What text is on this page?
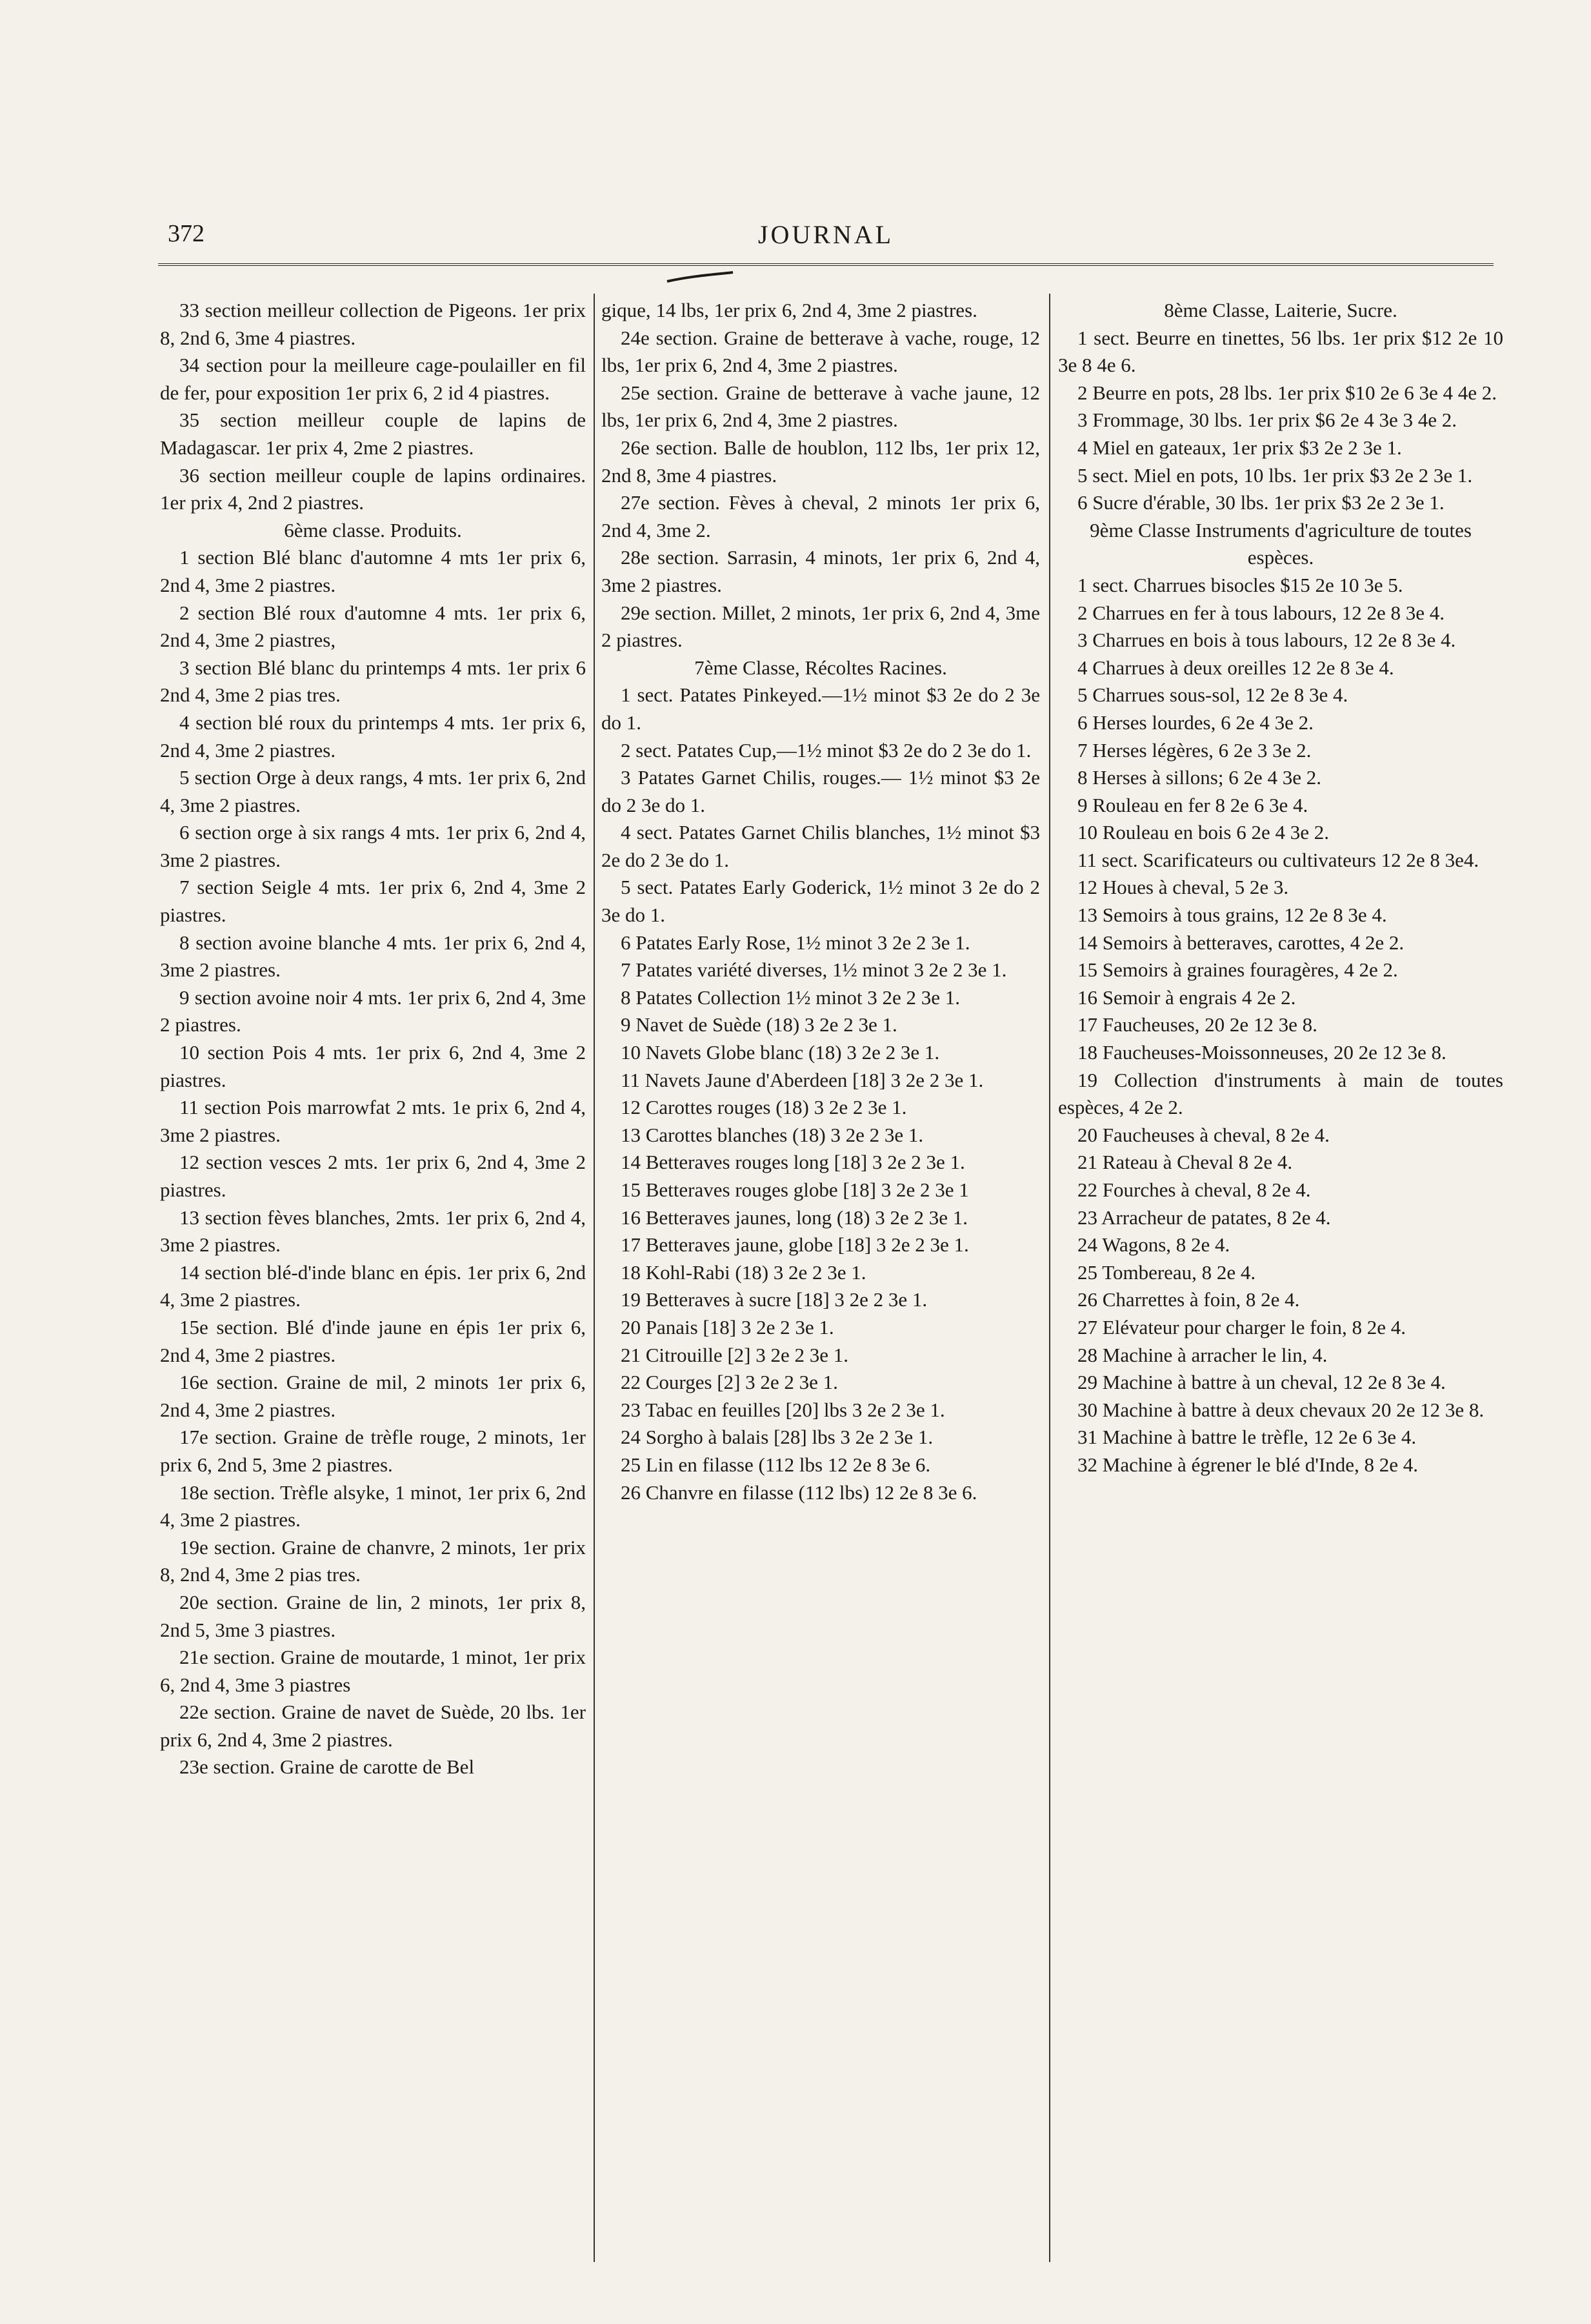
372	JOURNAL

33 section meilleur collection de Pigeons. 1er prix 8, 2nd 6, 3me 4 piastres.

34 section pour la meilleure cage-poulailler en fil de fer, pour exposition 1er prix 6, 2 id 4 piastres.

35 section meilleur couple de lapins de Madagascar. 1er prix 4, 2me 2 piastres.

36 section meilleur couple de lapins ordinaires. 1er prix 4, 2nd 2 piastres.

6ème classe. Produits.

1 section Blé blanc d'automne 4 mts 1er prix 6, 2nd 4, 3me 2 piastres.

2 section Blé roux d'automne 4 mts. 1er prix 6, 2nd 4, 3me 2 piastres,

3 section Blé blanc du printemps 4 mts. 1er prix 6 2nd 4, 3me 2 pias tres.

4 section blé roux du printemps 4 mts. 1er prix 6, 2nd 4, 3me 2 piastres.

5 section Orge à deux rangs, 4 mts. 1er prix 6, 2nd 4, 3me 2 piastres.

6 section orge à six rangs 4 mts. 1er prix 6, 2nd 4, 3me 2 piastres.

7 section Seigle 4 mts. 1er prix 6, 2nd 4, 3me 2 piastres.

8 section avoine blanche 4 mts. 1er prix 6, 2nd 4, 3me 2 piastres.

9 section avoine noir 4 mts. 1er prix 6, 2nd 4, 3me 2 piastres.

10 section Pois 4 mts. 1er prix 6, 2nd 4, 3me 2 piastres.

11 section Pois marrowfat 2 mts. 1e prix 6, 2nd 4, 3me 2 piastres.

12 section vesces 2 mts. 1er prix 6, 2nd 4, 3me 2 piastres.

13 section fèves blanches, 2mts. 1er prix 6, 2nd 4, 3me 2 piastres.

14 section blé-d'inde blanc en épis. 1er prix 6, 2nd 4, 3me 2 piastres.

15e section. Blé d'inde jaune en épis 1er prix 6, 2nd 4, 3me 2 piastres.

16e section. Graine de mil, 2 minots 1er prix 6, 2nd 4, 3me 2 piastres.

17e section. Graine de trèfle rouge, 2 minots, 1er prix 6, 2nd 5, 3me 2 piastres.

18e section. Trèfle alsyke, 1 minot, 1er prix 6, 2nd 4, 3me 2 piastres.

19e section. Graine de chanvre, 2 minots, 1er prix 8, 2nd 4, 3me 2 pias tres.

20e section. Graine de lin, 2 minots, 1er prix 8, 2nd 5, 3me 3 piastres.

21e section. Graine de moutarde, 1 minot, 1er prix 6, 2nd 4, 3me 3 piastres

22e section. Graine de navet de Suède, 20 lbs. 1er prix 6, 2nd 4, 3me 2 piastres.

23e section. Graine de carotte de Bel

gique, 14 lbs, 1er prix 6, 2nd 4, 3me 2 piastres.

24e section. Graine de betterave à vache, rouge, 12 lbs, 1er prix 6, 2nd 4, 3me 2 piastres.

25e section. Graine de betterave à vache jaune, 12 lbs, 1er prix 6, 2nd 4, 3me 2 piastres.

26e section. Balle de houblon, 112 lbs, 1er prix 12, 2nd 8, 3me 4 piastres.

27e section. Fèves à cheval, 2 minots 1er prix 6, 2nd 4, 3me 2.

28e section. Sarrasin, 4 minots, 1er prix 6, 2nd 4, 3me 2 piastres.

29e section. Millet, 2 minots, 1er prix 6, 2nd 4, 3me 2 piastres.

7ème Classe, Récoltes Racines.

1 sect. Patates Pinkeyed.—1½ minot $3 2e do 2 3e do 1.

2 sect. Patates Cup,—1½ minot $3 2e do 2 3e do 1.

3 Patates Garnet Chilis, rouges.— 1½ minot $3 2e do 2 3e do 1.

4 sect. Patates Garnet Chilis blanches, 1½ minot $3 2e do 2 3e do 1.

5 sect. Patates Early Goderick, 1½ minot 3 2e do 2 3e do 1.

6 Patates Early Rose, 1½ minot 3 2e 2 3e 1.

7 Patates variété diverses, 1½ minot 3 2e 2 3e 1.

8 Patates Collection 1½ minot 3 2e 2 3e 1.

9 Navet de Suède (18) 3 2e 2 3e 1.

10 Navets Globe blanc (18) 3 2e 2 3e 1.

11 Navets Jaune d'Aberdeen [18] 3 2e 2 3e 1.

12 Carottes rouges (18) 3 2e 2 3e 1.

13 Carottes blanches (18) 3 2e 2 3e 1.

14 Betteraves rouges long [18] 3 2e 2 3e 1.

15 Betteraves rouges globe [18] 3 2e 2 3e 1

16 Betteraves jaunes, long (18) 3 2e 2 3e 1.

17 Betteraves jaune, globe [18] 3 2e 2 3e 1.

18 Kohl-Rabi (18) 3 2e 2 3e 1.

19 Betteraves à sucre [18] 3 2e 2 3e 1.

20 Panais [18] 3 2e 2 3e 1.

21 Citrouille [2] 3 2e 2 3e 1.

22 Courges [2] 3 2e 2 3e 1.

23 Tabac en feuilles [20] lbs 3 2e 2 3e 1.

24 Sorgho à balais [28] lbs 3 2e 2 3e 1.

25 Lin en filasse (112 lbs 12 2e 8 3e 6.

26 Chanvre en filasse (112 lbs) 12 2e 8 3e 6.

8ème Classe, Laiterie, Sucre.

1 sect. Beurre en tinettes, 56 lbs. 1er prix $12 2e 10 3e 8 4e 6.

2 Beurre en pots, 28 lbs. 1er prix $10 2e 6 3e 4 4e 2.

3 Frommage, 30 lbs. 1er prix $6 2e 4 3e 3 4e 2.

4 Miel en gateaux, 1er prix $3 2e 2 3e 1.

5 sect. Miel en pots, 10 lbs. 1er prix $3 2e 2 3e 1.

6 Sucre d'érable, 30 lbs. 1er prix $3 2e 2 3e 1.

9ème Classe Instruments d'agriculture de toutes espèces.

1 sect. Charrues bisocles $15 2e 10 3e 5.

2 Charrues en fer à tous labours, 12 2e 8 3e 4.

3 Charrues en bois à tous labours, 12 2e 8 3e 4.

4 Charrues à deux oreilles 12 2e 8 3e 4.

5 Charrues sous-sol, 12 2e 8 3e 4.

6 Herses lourdes, 6 2e 4 3e 2.

7 Herses légères, 6 2e 3 3e 2.

8 Herses à sillons; 6 2e 4 3e 2.

9 Rouleau en fer 8 2e 6 3e 4.

10 Rouleau en bois 6 2e 4 3e 2.

11 sect. Scarificateurs ou cultivateurs 12 2e 8 3e4.

12 Houes à cheval, 5 2e 3.

13 Semoirs à tous grains, 12 2e 8 3e 4.

14 Semoirs à betteraves, carottes, 4 2e 2.

15 Semoirs à graines fouragères, 4 2e 2.

16 Semoir à engrais 4 2e 2.

17 Faucheuses, 20 2e 12 3e 8.

18 Faucheuses-Moissonneuses, 20 2e 12 3e 8.

19 Collection d'instruments à main de toutes espèces, 4 2e 2.

20 Faucheuses à cheval, 8 2e 4.

21 Rateau à Cheval 8 2e 4.

22 Fourches à cheval, 8 2e 4.

23 Arracheur de patates, 8 2e 4.

24 Wagons, 8 2e 4.

25 Tombereau, 8 2e 4.

26 Charrettes à foin, 8 2e 4.

27 Elévateur pour charger le foin, 8 2e 4.

28 Machine à arracher le lin, 4.

29 Machine à battre à un cheval, 12 2e 8 3e 4.

30 Machine à battre à deux chevaux 20 2e 12 3e 8.

31 Machine à battre le trèfle, 12 2e 6 3e 4.

32 Machine à égrener le blé d'Inde, 8 2e 4.
